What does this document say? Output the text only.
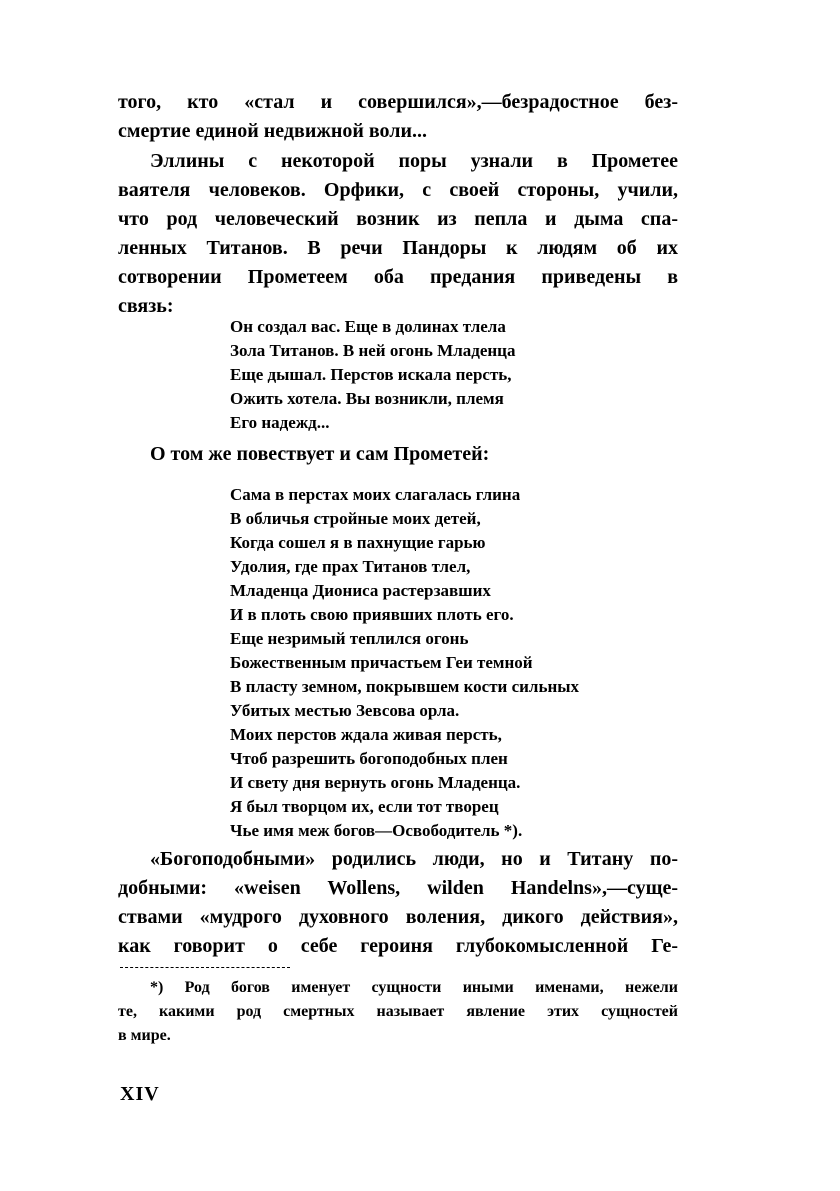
того, кто «стал и совершился»,—безрадостное без-
смертие единой недвижной воли...
Эллины с некоторой поры узнали в Прометее
ваятеля человеков. Орфики, с своей стороны, учили,
что род человеческий возник из пепла и дыма спа-
ленных Титанов. В речи Пандоры к людям об их
сотворении Прометеем оба предания приведены в
связь:
Он создал вас. Еще в долинах тлела
Зола Титанов. В ней огонь Младенца
Еще дышал. Перстов искала персть,
Ожить хотела. Вы возникли, племя
Его надежд...
О том же повествует и сам Прометей:
Сама в перстах моих слагалась глина
В обличья стройные моих детей,
Когда сошел я в пахнущие гарью
Удолия, где прах Титанов тлел,
Младенца Диониса растерзавших
И в плоть свою приявших плоть его.
Еще незримый теплился огонь
Божественным причастьем Геи темной
В пласту земном, покрывшем кости сильных
Убитых местью Зевсова орла.
Моих перстов ждала живая персть,
Чтоб разрешить богоподобных плен
И свету дня вернуть огонь Младенца.
Я был творцом их, если тот творец
Чье имя меж богов—Освободитель *).
«Богоподобными» родились люди, но и Титану по-
добными: «weisen Wollens, wilden Handelns»,—суще-
ствами «мудрого духовного воления, дикого действия»,
как говорит о себе героиня глубокомысленной Ге-
*) Род богов именует сущности иными именами, нежели
те, какими род смертных называет явление этих сущностей
в мире.
XIV
